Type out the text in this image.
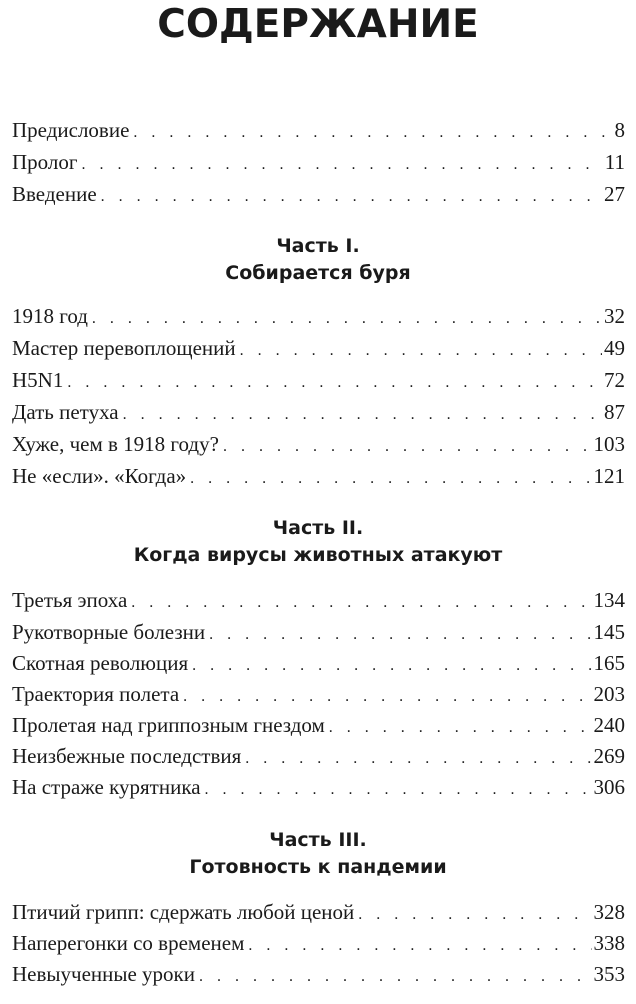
СОДЕРЖАНИЕ
Предисловие . . .	8
Пролог . . .	11
Введение . . .	27
Часть I.
Собирается буря
1918 год . . .	32
Мастер перевоплощений . . .	49
H5N1 . . .	72
Дать петуха . . .	87
Хуже, чем в 1918 году? . . .	103
Не «если». «Когда» . . .	121
Часть II.
Когда вирусы животных атакуют
Третья эпоха . . .	134
Рукотворные болезни . . .	145
Скотная революция . . .	165
Траектория полета . . .	203
Пролетая над гриппозным гнездом . . .	240
Неизбежные последствия . . .	269
На страже курятника . . .	306
Часть III.
Готовность к пандемии
Птичий грипп: сдержать любой ценой . . .	328
Наперегонки со временем . . .	338
Невыученные уроки . . .	353
